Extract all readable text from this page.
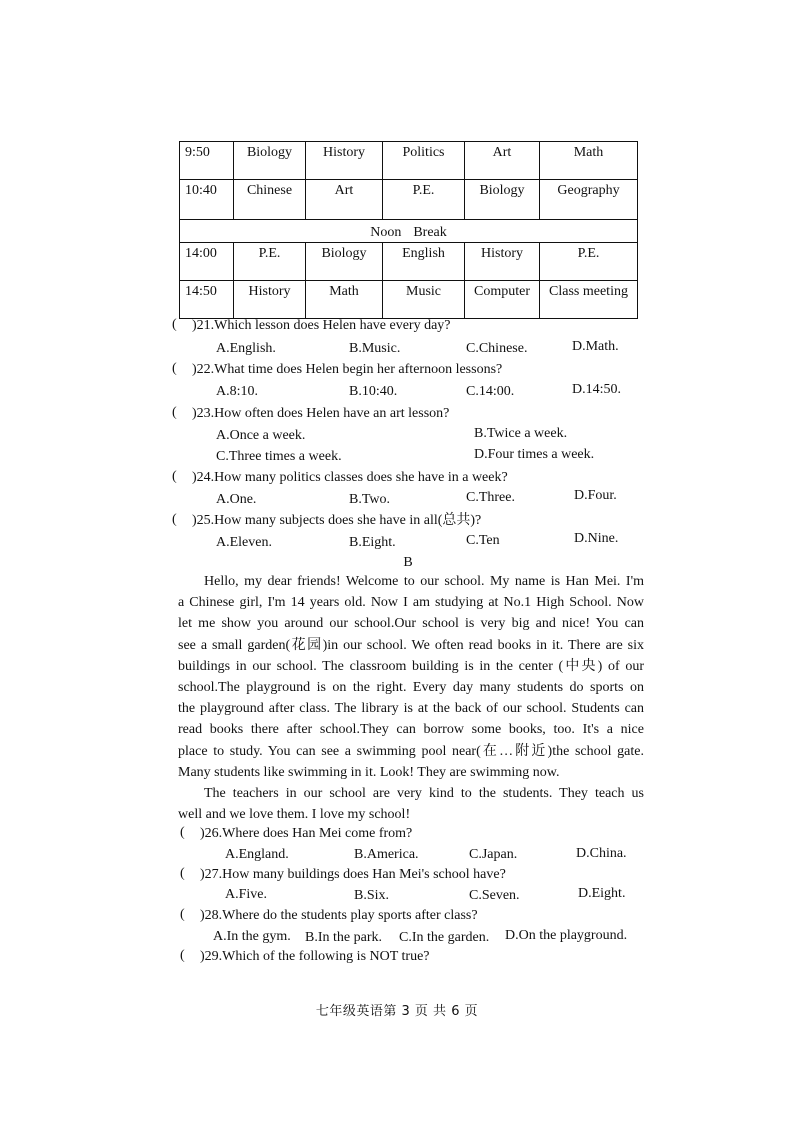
9:50	Biology	History	Politics	Art	Math
10:40	Chinese	Art	P.E.	Biology	Geography
Noon Break					
14:00	P.E.	Biology	English	History	P.E.
14:50	History	Math	Music	Computer	Class meeting
( )21.Which lesson does Helen have every day?
A.English.	B.Music.	C.Chinese.	D.Math.
( )22.What time does Helen begin her afternoon lessons?
A.8:10.	B.10:40.	C.14:00.	D.14:50.
( )23.How often does Helen have an art lesson?
A.Once a week.	B.Twice a week.
C.Three times a week.	D.Four times a week.
( )24.How many politics classes does she have in a week?
A.One.	B.Two.	C.Three.	D.Four.
( )25.How many subjects does she have in all(总共)?
A.Eleven.	B.Eight.	C.Ten	D.Nine.
B
Hello, my dear friends! Welcome to our school. My name is Han Mei. I'm
a Chinese girl, I'm 14 years old. Now I am studying at No.1 High School. Now
let me show you around our school.Our school is very big and nice! You can
see a small garden(花园)in our school. We often read books in it. There are six
buildings in our school. The classroom building is in the center (中央) of our
school.The playground is on the right. Every day many students do sports on
the playground after class. The library is at the back of our school. Students can
read books there after school.They can borrow some books, too. It's a nice
place to study. You can see a swimming pool near(在…附近)the school gate.
Many students like swimming in it. Look! They are swimming now.
The teachers in our school are very kind to the students. They teach us
well and we love them. I love my school!
( )26.Where does Han Mei come from?
A.England.	B.America.	C.Japan.	D.China.
( )27.How many buildings does Han Mei's school have?
A.Five.	B.Six.	C.Seven.	D.Eight.
( )28.Where do the students play sports after class?
A.In the gym. B.In the park. C.In the garden. D.On the playground.
( )29.Which of the following is NOT true?
七年级英语第 3 页 共 6 页
